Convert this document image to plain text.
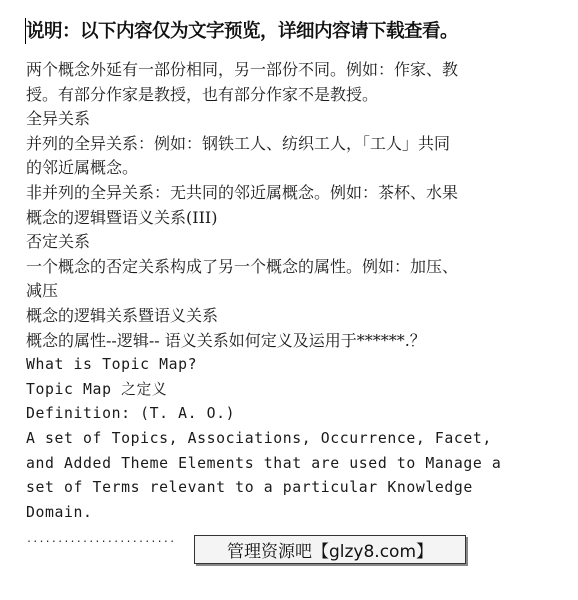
说明：以下内容仅为文字预览，详细内容请下载查看。
两个概念外延有一部份相同，另一部份不同。例如：作家、教
授。有部分作家是教授，也有部分作家不是教授。
全异关系
并列的全异关系：例如：钢铁工人、纺织工人，「工人」共同
的邻近属概念。
非并列的全异关系：无共同的邻近属概念。例如：茶杯、水果
概念的逻辑暨语义关系(III)
否定关系
一个概念的否定关系构成了另一个概念的属性。例如：加压、
减压
概念的逻辑关系暨语义关系
概念的属性--逻辑-- 语义关系如何定义及运用于******.？
What is Topic Map?
Topic Map 之定义
Definition: (T. A. O.)
A set of Topics, Associations, Occurrence, Facet,
and Added Theme Elements that are used to Manage a
set of Terms relevant to a particular Knowledge
Domain.
........................
管理资源吧【glzy8.com】
